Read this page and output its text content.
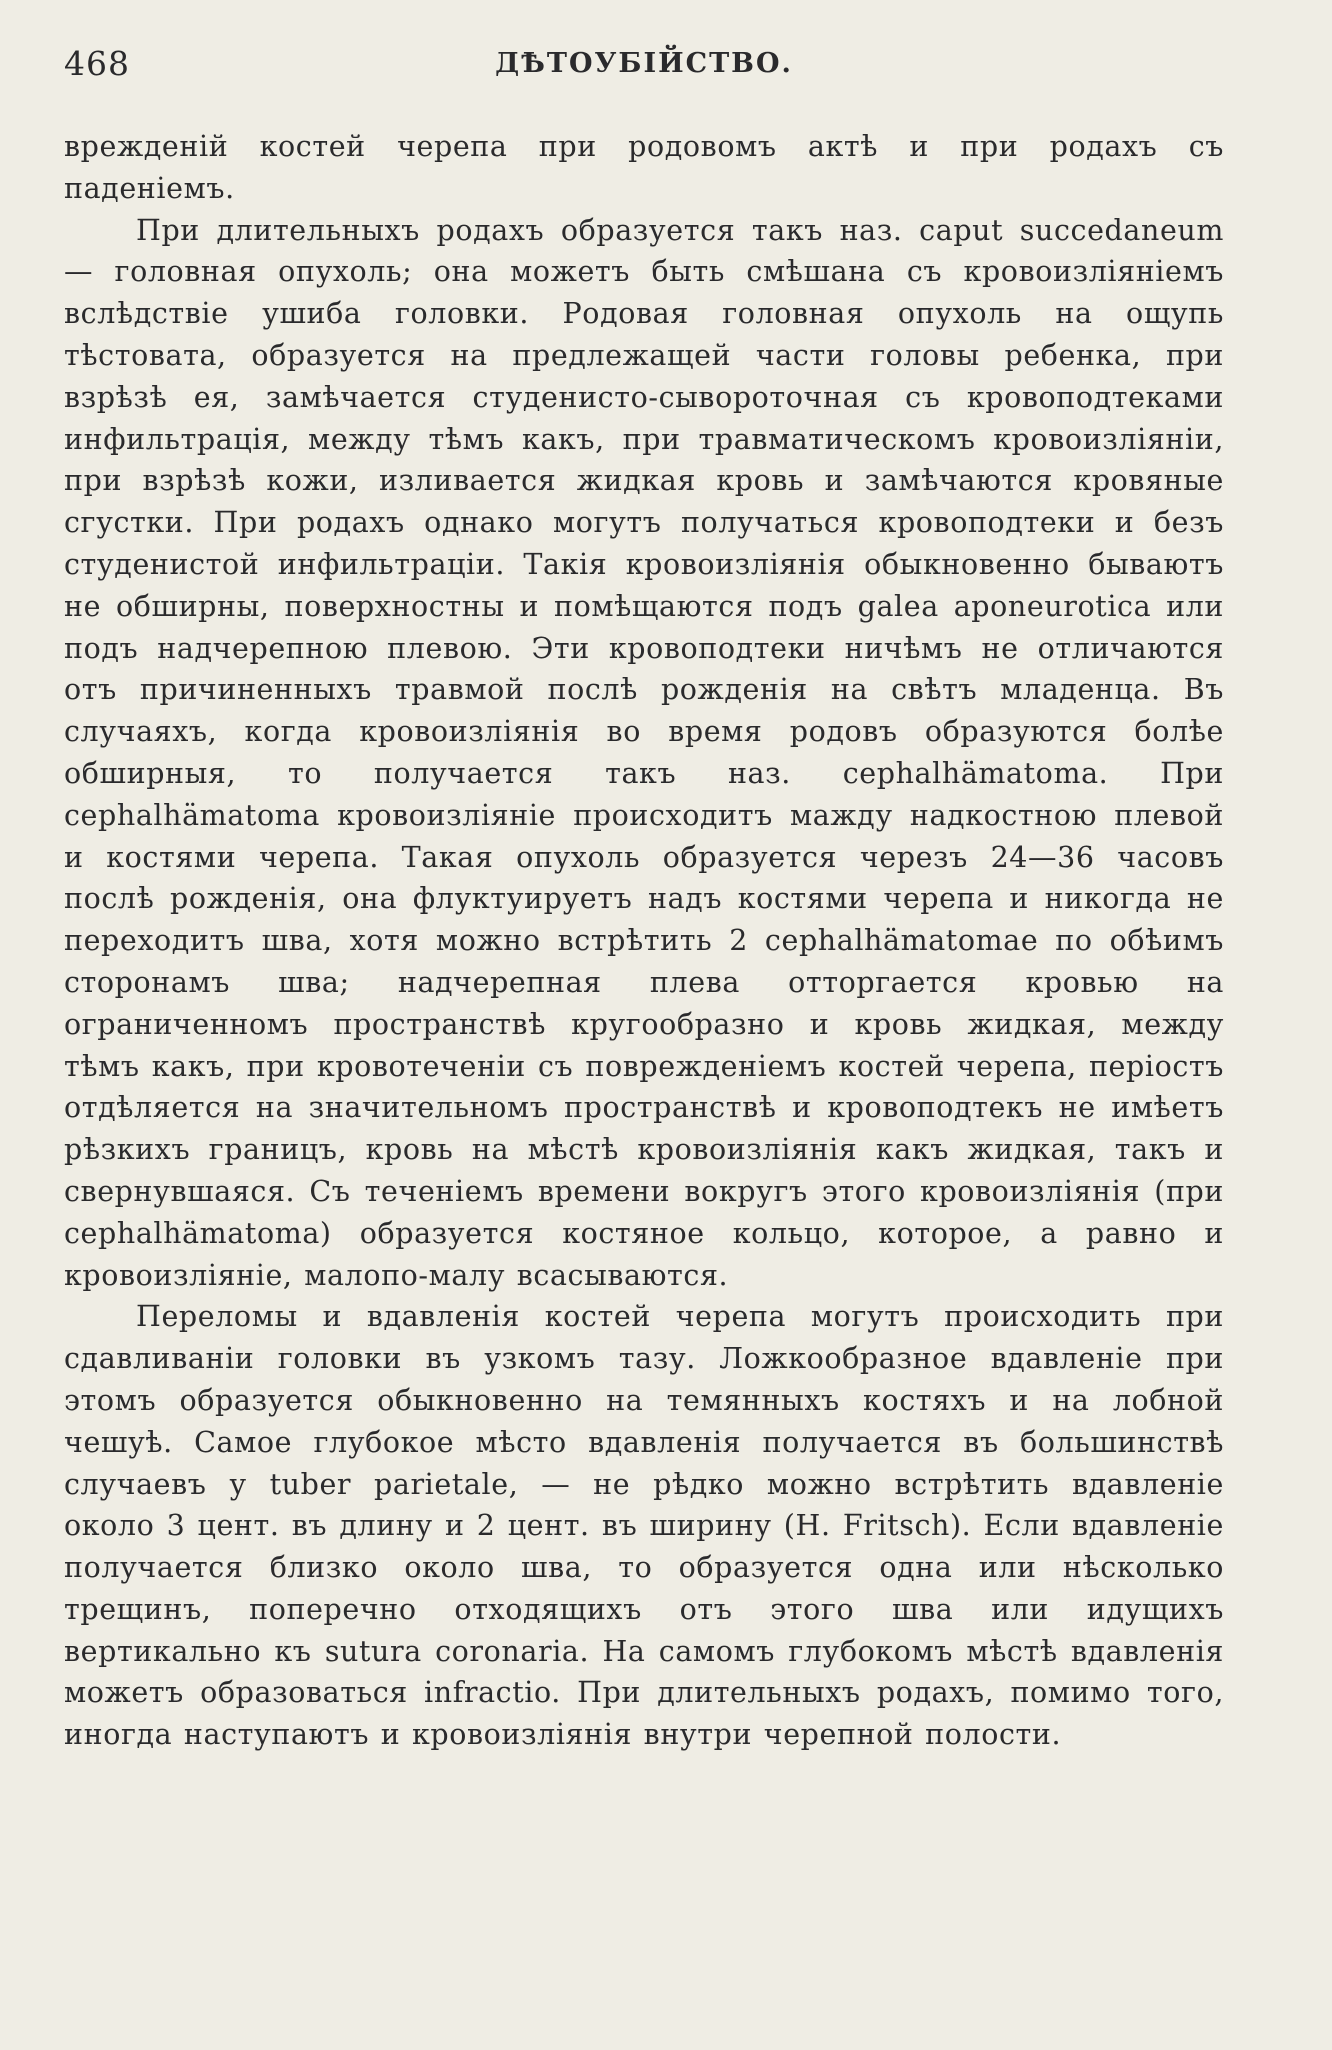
468	ДѢТОУБІЙСТВО.

врежденій костей черепа при родовомъ актѣ и при родахъ съ паденіемъ.

При длительныхъ родахъ образуется такъ наз. caput succedaneum — головная опухоль; она можетъ быть смѣшана съ кровоизліяніемъ вслѣдствіе ушиба головки. Родовая головная опухоль на ощупь тѣстовата, образуется на предлежащей части головы ребенка, при взрѣзѣ ея, замѣчается студенисто-сывороточная съ кровоподтеками инфильтрація, между тѣмъ какъ, при травматическомъ кровоизліяніи, при взрѣзѣ кожи, изливается жидкая кровь и замѣчаются кровяные сгустки. При родахъ однако могутъ получаться кровоподтеки и безъ студенистой инфильтраціи. Такія кровоизліянія обыкновенно бываютъ не обширны, поверхностны и помѣщаются подъ galea aponeurotica или подъ надчерепною плевою. Эти кровоподтеки ничѣмъ не отличаются отъ причиненныхъ травмой послѣ рожденія на свѣтъ младенца. Въ случаяхъ, когда кровоизліянія во время родовъ образуются болѣе обширныя, то получается такъ наз. cephalhämatoma. При cephalhämatoma кровоизліяніе происходитъ мажду надкостною плевой и костями черепа. Такая опухоль образуется черезъ 24—36 часовъ послѣ рожденія, она флуктуируетъ надъ костями черепа и никогда не переходитъ шва, хотя можно встрѣтить 2 cephalhämatomae по обѣимъ сторонамъ шва; надчерепная плева отторгается кровью на ограниченномъ пространствѣ кругообразно и кровь жидкая, между тѣмъ какъ, при кровотеченіи съ поврежденіемъ костей черепа, періостъ отдѣляется на значительномъ пространствѣ и кровоподтекъ не имѣетъ рѣзкихъ границъ, кровь на мѣстѣ кровоизліянія какъ жидкая, такъ и свернувшаяся. Съ теченіемъ времени вокругъ этого кровоизліянія (при cephalhämatoma) образуется костяное кольцо, которое, а равно и кровоизліяніе, малопо-малу всасываются.

Переломы и вдавленія костей черепа могутъ происходить при сдавливаніи головки въ узкомъ тазу. Ложкообразное вдавленіе при этомъ образуется обыкновенно на темянныхъ костяхъ и на лобной чешуѣ. Самое глубокое мѣсто вдавленія получается въ большинствѣ случаевъ у tuber parietale, — не рѣдко можно встрѣтить вдавленіе около 3 цент. въ длину и 2 цент. въ ширину (H. Fritsch). Если вдавленіе получается близко около шва, то образуется одна или нѣсколько трещинъ, поперечно отходящихъ отъ этого шва или идущихъ вертикально къ sutura coronaria. На самомъ глубокомъ мѣстѣ вдавленія можетъ образоваться infractio. При длительныхъ родахъ, помимо того, иногда наступаютъ и кровоизліянія внутри черепной полости.
